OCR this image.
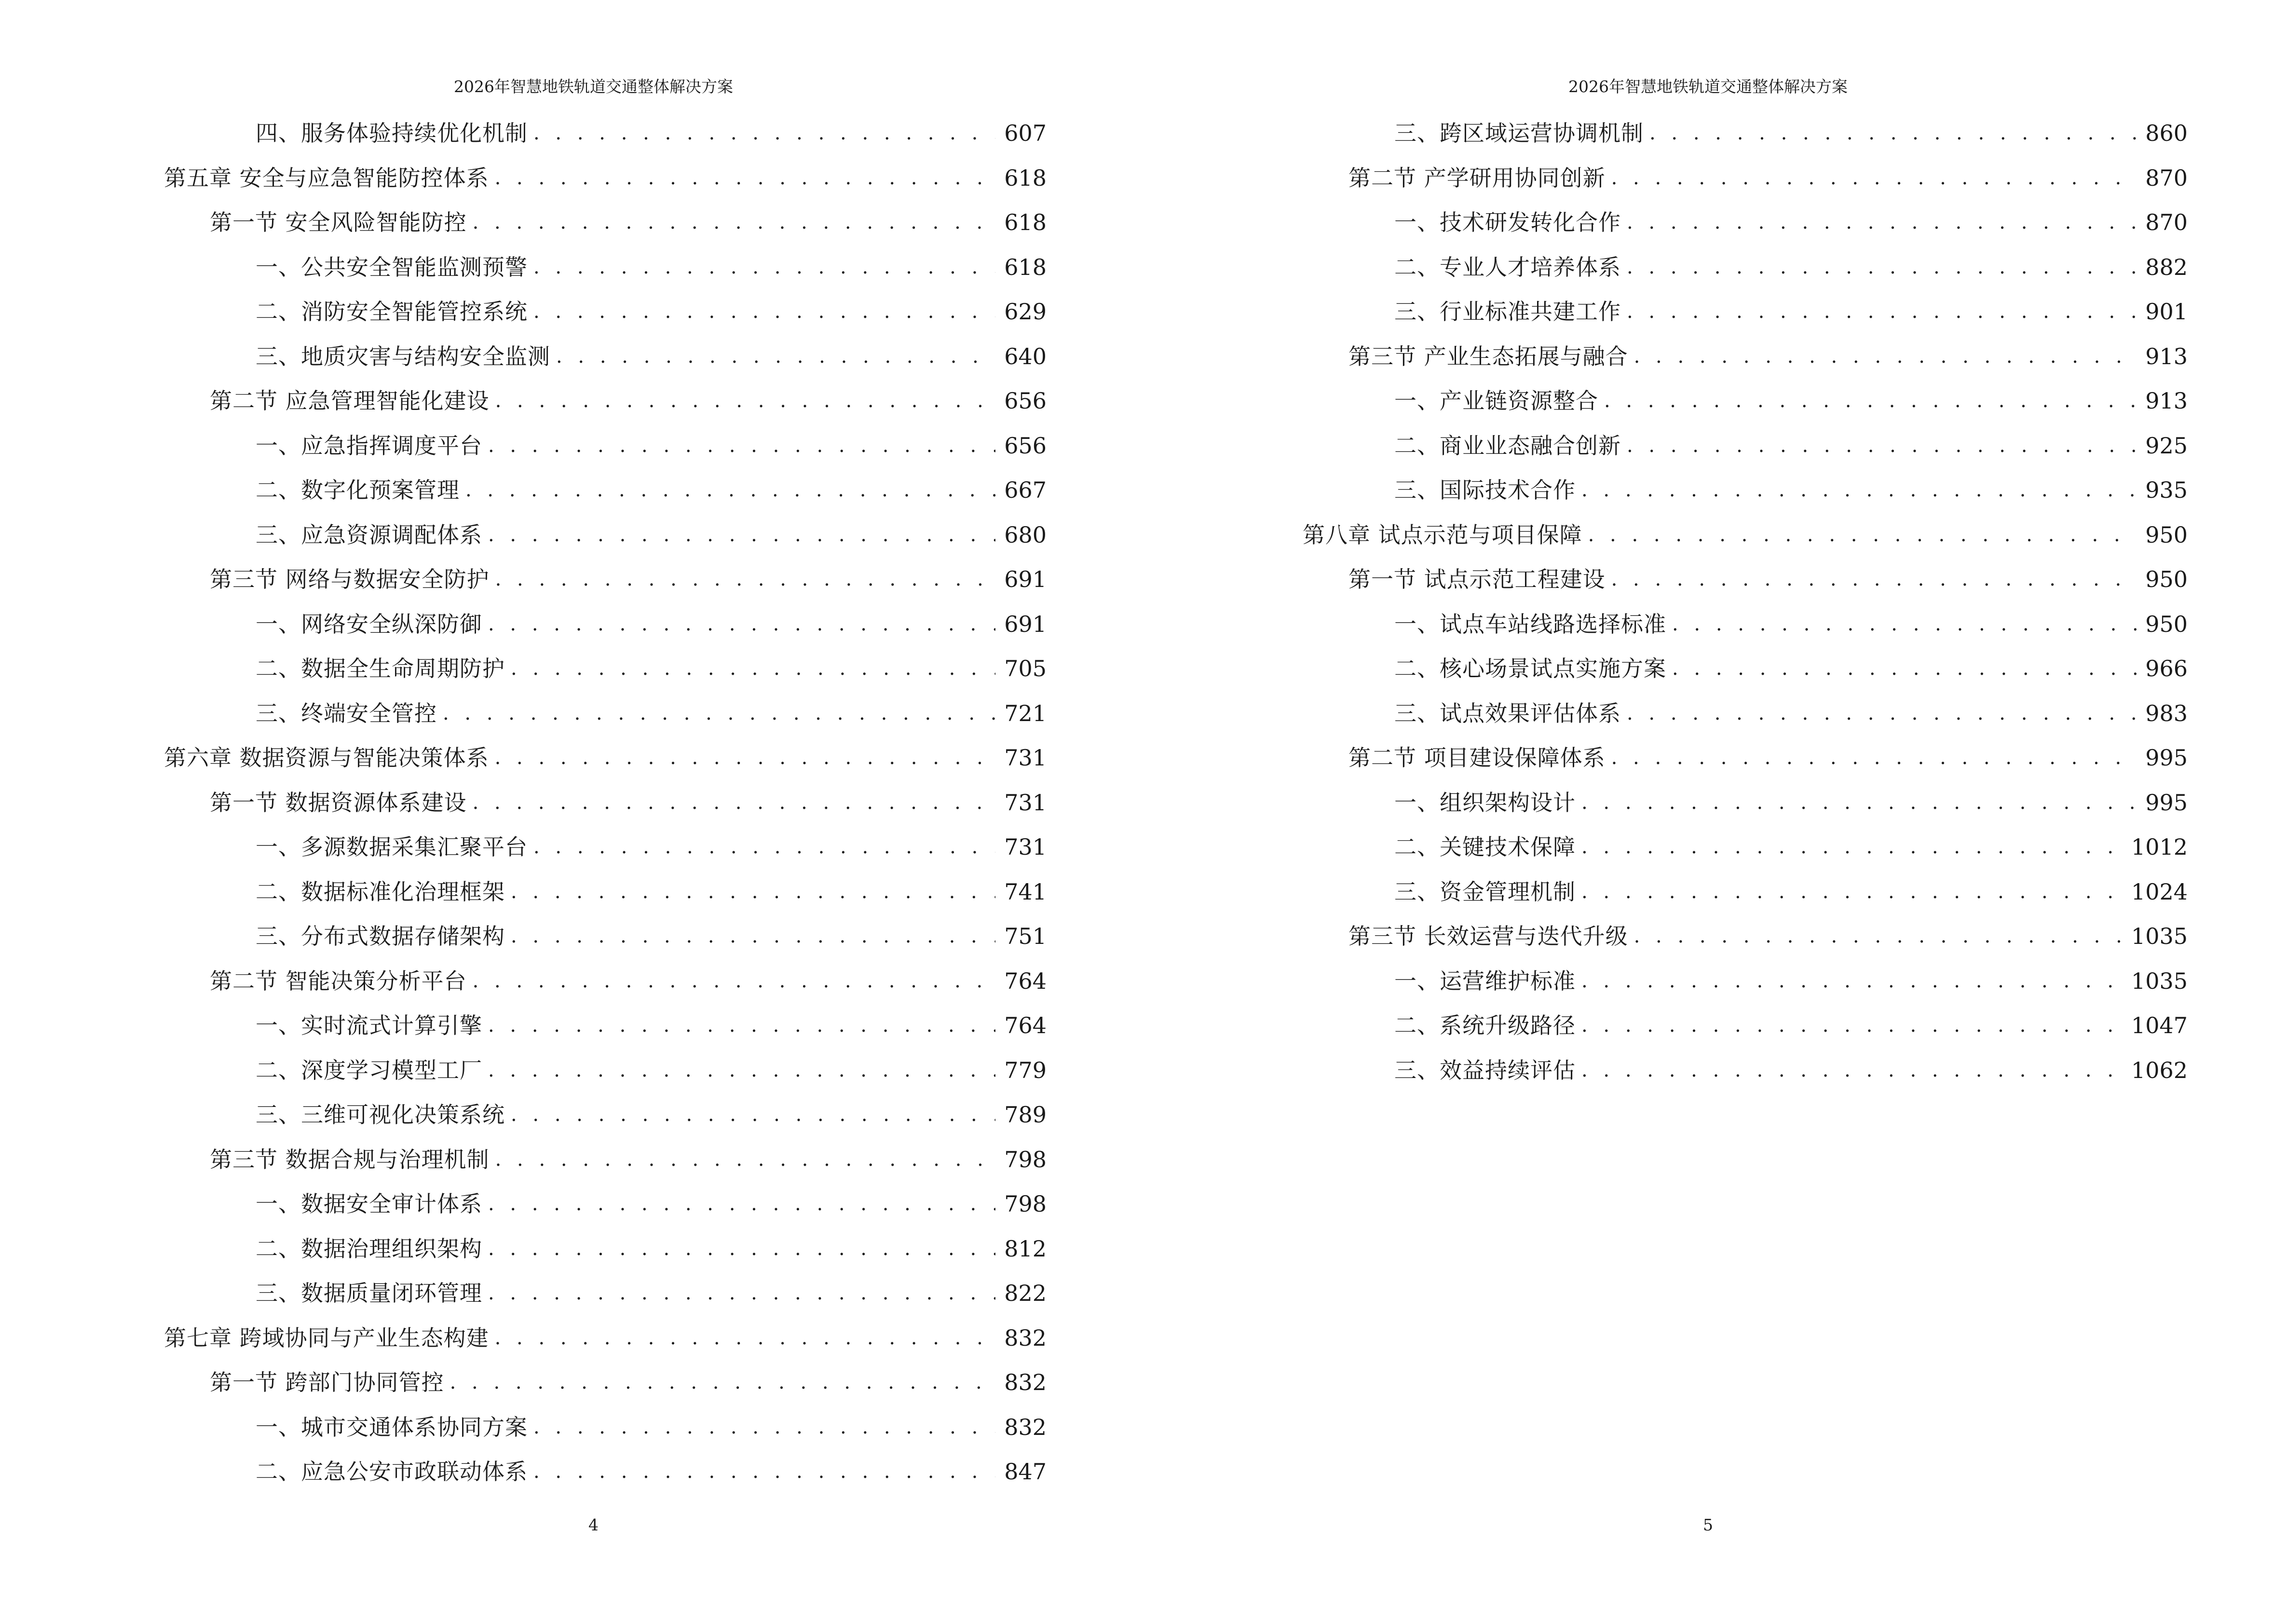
2026年智慧地铁轨道交通整体解决方案
四、服务体验持续优化机制 . . .	607
第五章 安全与应急智能防控体系 . . .	618
第一节 安全风险智能防控 . . .	618
一、公共安全智能监测预警 . . .	618
二、消防安全智能管控系统 . . .	629
三、地质灾害与结构安全监测 . . .	640
第二节 应急管理智能化建设 . . .	656
一、应急指挥调度平台 . . .	656
二、数字化预案管理 . . .	667
三、应急资源调配体系 . . .	680
第三节 网络与数据安全防护 . . .	691
一、网络安全纵深防御 . . .	691
二、数据全生命周期防护 . . .	705
三、终端安全管控 . . .	721
第六章 数据资源与智能决策体系 . . .	731
第一节 数据资源体系建设 . . .	731
一、多源数据采集汇聚平台 . . .	731
二、数据标准化治理框架 . . .	741
三、分布式数据存储架构 . . .	751
第二节 智能决策分析平台 . . .	764
一、实时流式计算引擎 . . .	764
二、深度学习模型工厂 . . .	779
三、三维可视化决策系统 . . .	789
第三节 数据合规与治理机制 . . .	798
一、数据安全审计体系 . . .	798
二、数据治理组织架构 . . .	812
三、数据质量闭环管理 . . .	822
第七章 跨域协同与产业生态构建 . . .	832
第一节 跨部门协同管控 . . .	832
一、城市交通体系协同方案 . . .	832
二、应急公安市政联动体系 . . .	847
4
2026年智慧地铁轨道交通整体解决方案
三、跨区域运营协调机制 . . .	860
第二节 产学研用协同创新 . . .	870
一、技术研发转化合作 . . .	870
二、专业人才培养体系 . . .	882
三、行业标准共建工作 . . .	901
第三节 产业生态拓展与融合 . . .	913
一、产业链资源整合 . . .	913
二、商业业态融合创新 . . .	925
三、国际技术合作 . . .	935
第八章 试点示范与项目保障 . . .	950
第一节 试点示范工程建设 . . .	950
一、试点车站线路选择标准 . . .	950
二、核心场景试点实施方案 . . .	966
三、试点效果评估体系 . . .	983
第二节 项目建设保障体系 . . .	995
一、组织架构设计 . . .	995
二、关键技术保障 . . .	1012
三、资金管理机制 . . .	1024
第三节 长效运营与迭代升级 . . .	1035
一、运营维护标准 . . .	1035
二、系统升级路径 . . .	1047
三、效益持续评估 . . .	1062
5
